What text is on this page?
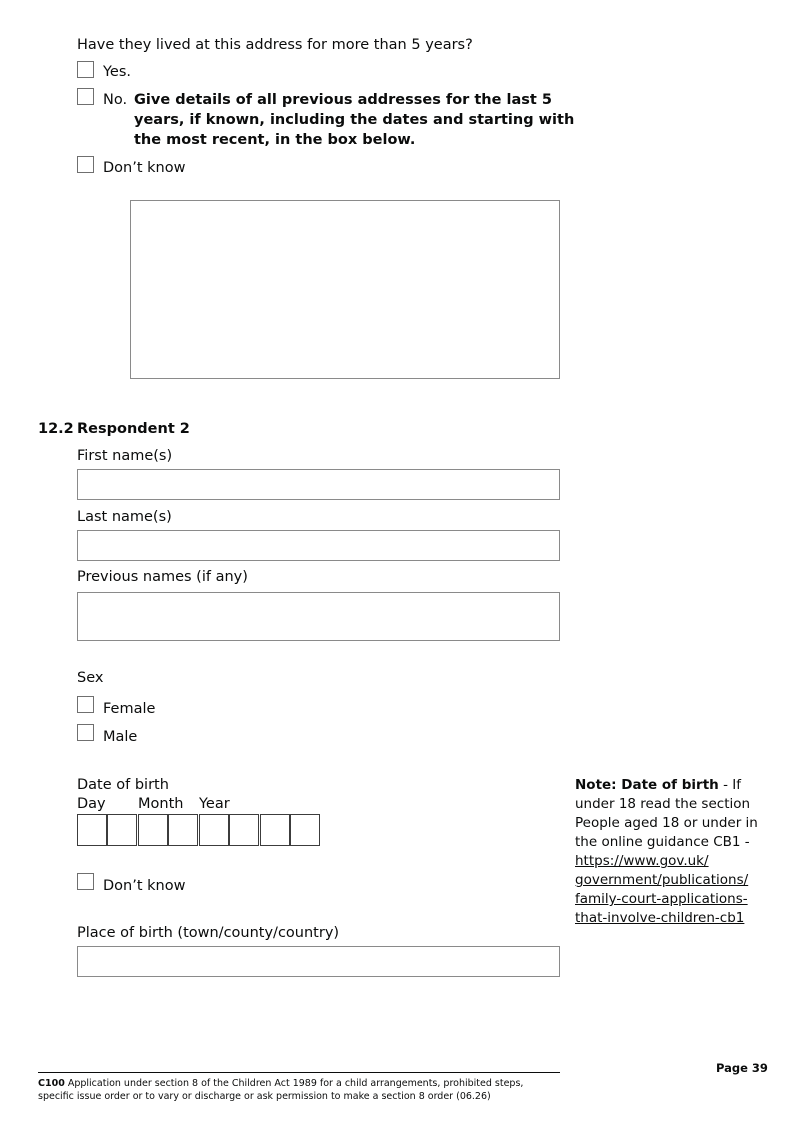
Have they lived at this address for more than 5 years?
Yes.
No. Give details of all previous addresses for the last 5
years, if known, including the dates and starting with
the most recent, in the box below.
Don’t know
12.2 Respondent 2
First name(s)
Last name(s)
Previous names (if any)
Sex
Female
Male
Date of birth
Day Month Year
Don’t know
Place of birth (town/county/country)
Note: Date of birth - If under 18 read the section People aged 18 or under in the online guidance CB1 - https://www.gov.uk/
government/publications/
family-court-applications-
that-involve-children-cb1
Page 39
C100 Application under section 8 of the Children Act 1989 for a child arrangements, prohibited steps, specific issue order or to vary or discharge or ask permission to make a section 8 order (06.26)
